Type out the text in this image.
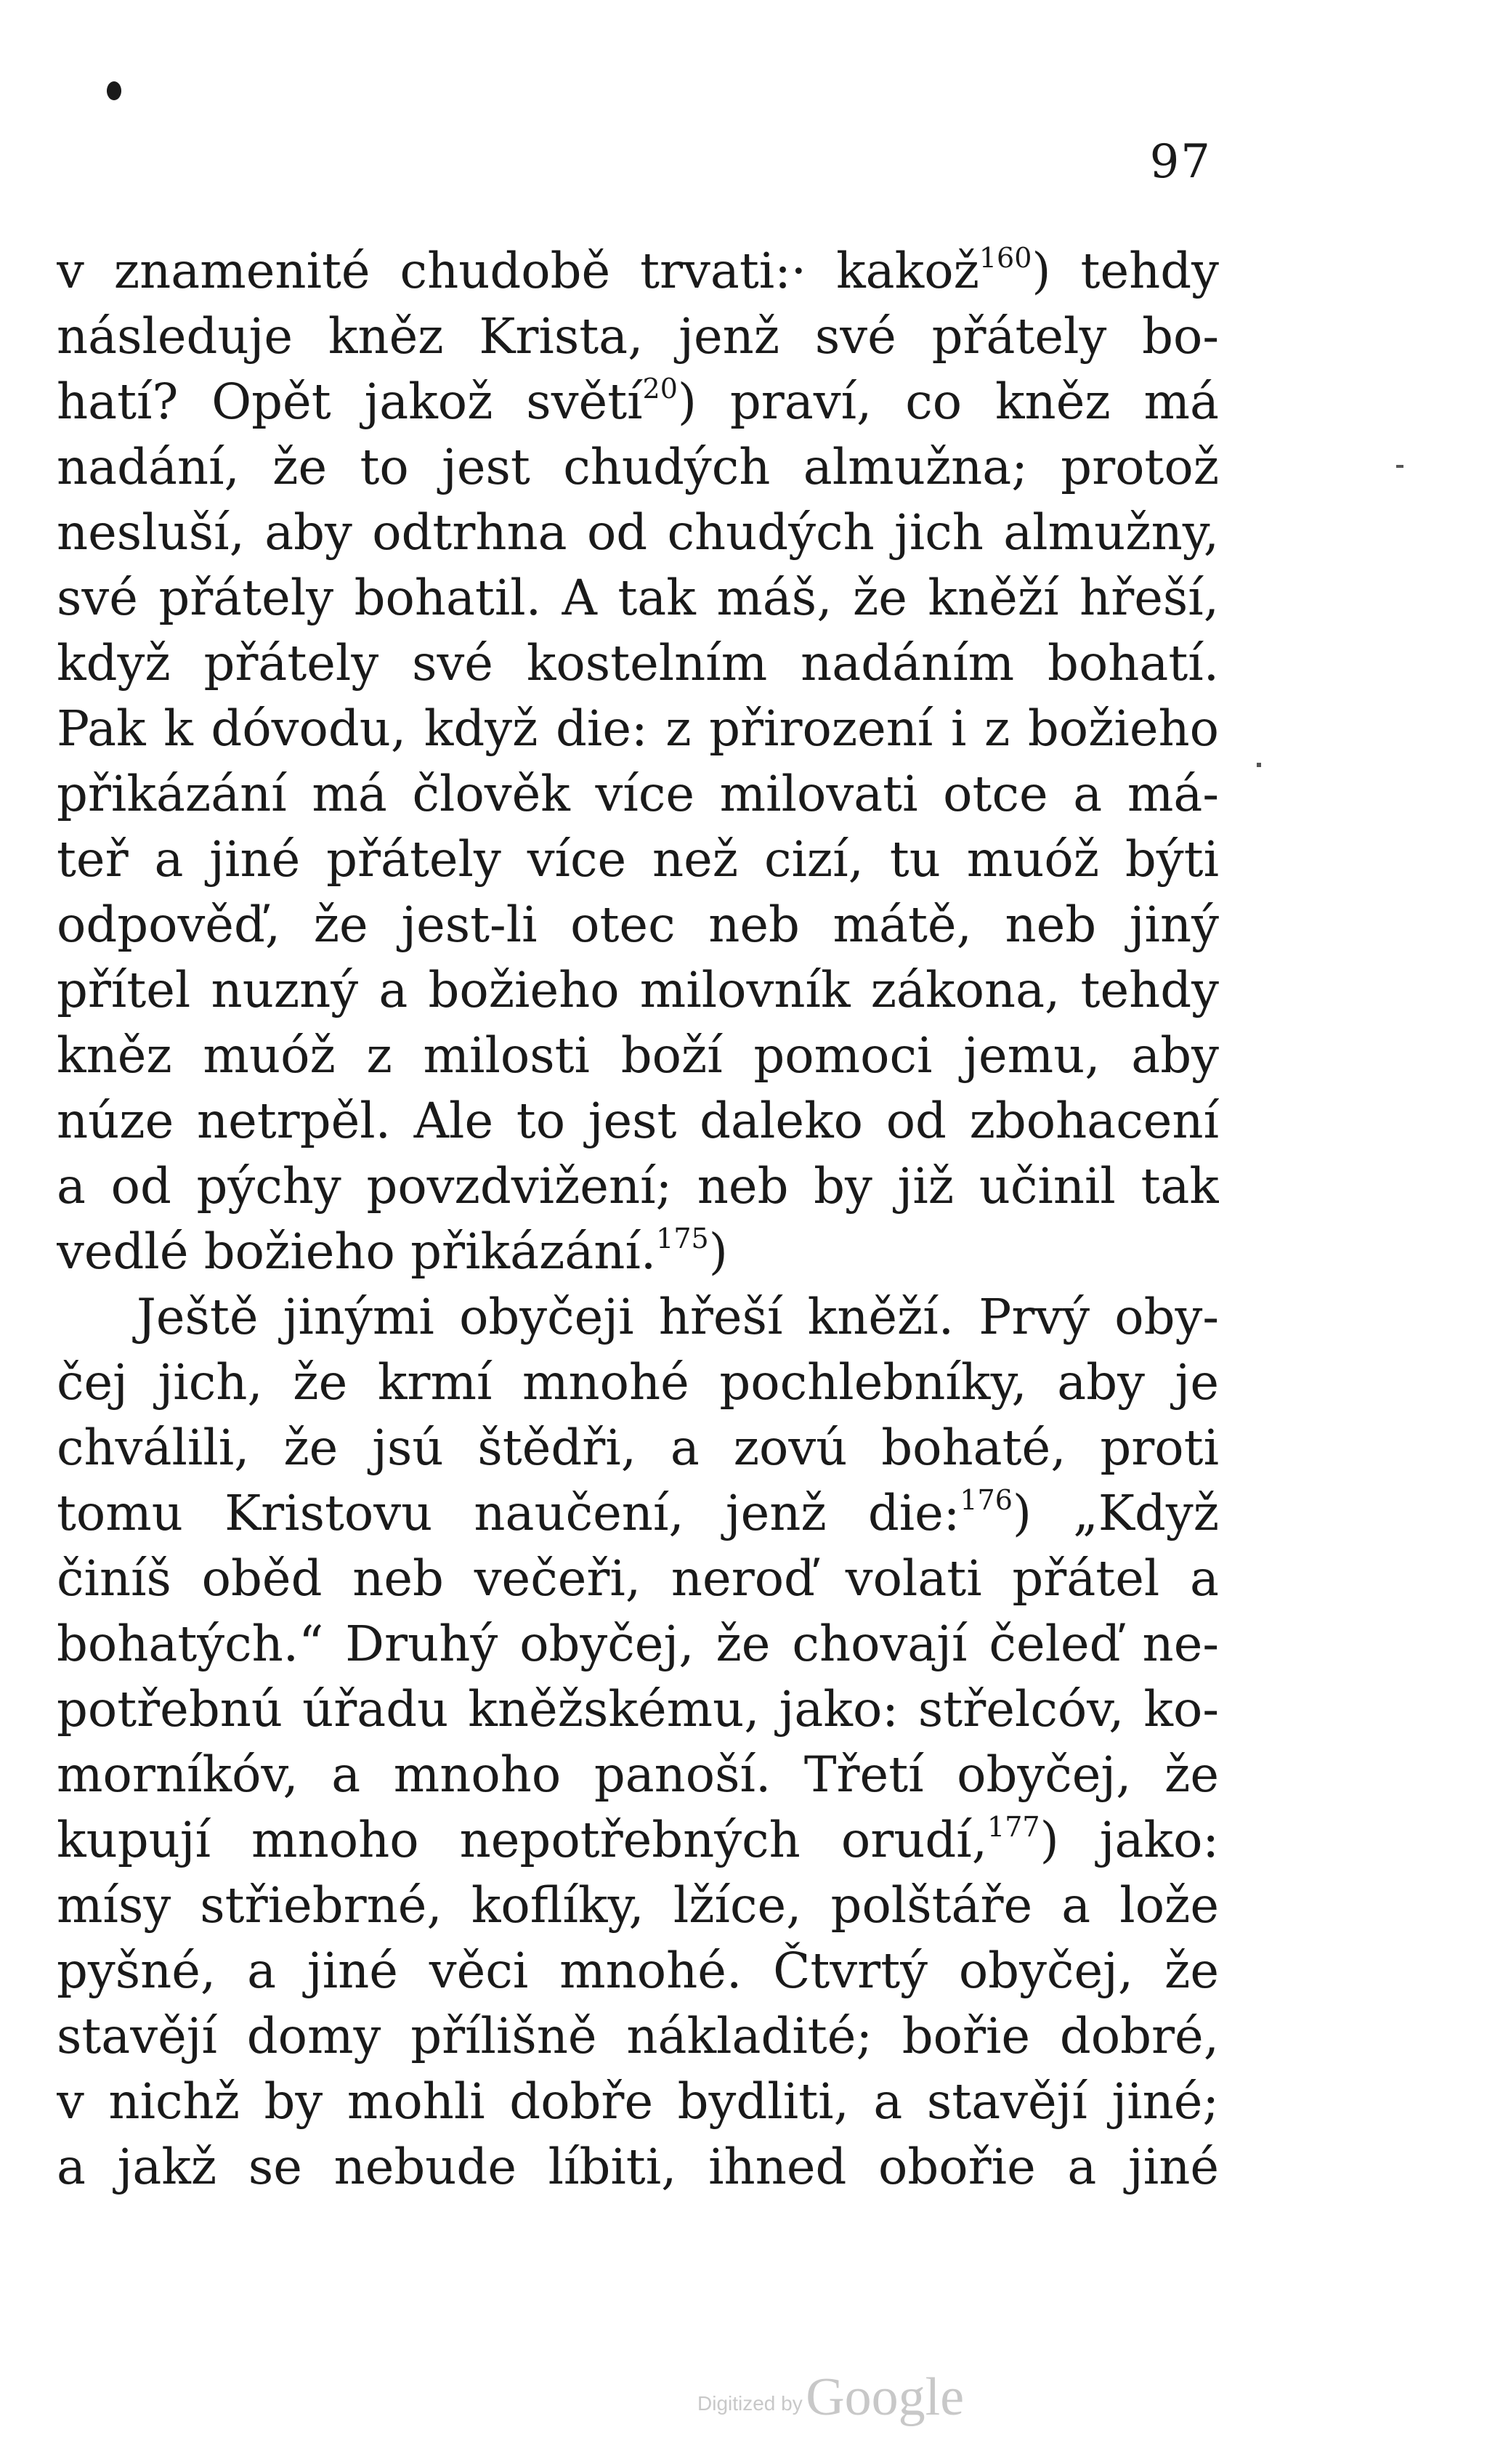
97
v znamenité chudobě trvati:· kakož$^{160}$) tehdy
následuje kněz Krista, jenž své přátely bo-
hatí? Opět jakož světí$^{20}$) praví, co kněz má
nadání, že to jest chudých almužna; protož
nesluší, aby odtrhna od chudých jich almužny,
své přátely bohatil. A tak máš, že kněží hřeší,
když přátely své kostelním nadáním bohatí.
Pak k dóvodu, když die: z přirození i z božieho
přikázání má člověk více milovati otce a má-
teř a jiné přátely více než cizí, tu muóž býti
odpověď, že jest-li otec neb mátě, neb jiný
přítel nuzný a božieho milovník zákona, tehdy
kněz muóž z milosti boží pomoci jemu, aby
núze netrpěl. Ale to jest daleko od zbohacení
a od pýchy povzdvižení; neb by již učinil tak
vedlé božieho přikázání.$^{175}$)
Ještě jinými obyčeji hřeší kněží. Prvý oby-
čej jich, že krmí mnohé pochlebníky, aby je
chválili, že jsú štědři, a zovú bohaté, proti
tomu Kristovu naučení, jenž die:$^{176}$) „Když
činíš oběd neb večeři, neroď volati přátel a
bohatých.“ Druhý obyčej, že chovají čeleď ne-
potřebnú úřadu kněžskému, jako: střelcóv, ko-
morníkóv, a mnoho panoší. Třetí obyčej, že
kupují mnoho nepotřebných orudí,$^{177}$) jako:
mísy střiebrné, koflíky, lžíce, polštáře a lože
pyšné, a jiné věci mnohé. Čtvrtý obyčej, že
stavějí domy přílišně nákladité; bořie dobré,
v nichž by mohli dobře bydliti, a stavějí jiné;
a jakž se nebude líbiti, ihned obořie a jiné
Digitized by Google
